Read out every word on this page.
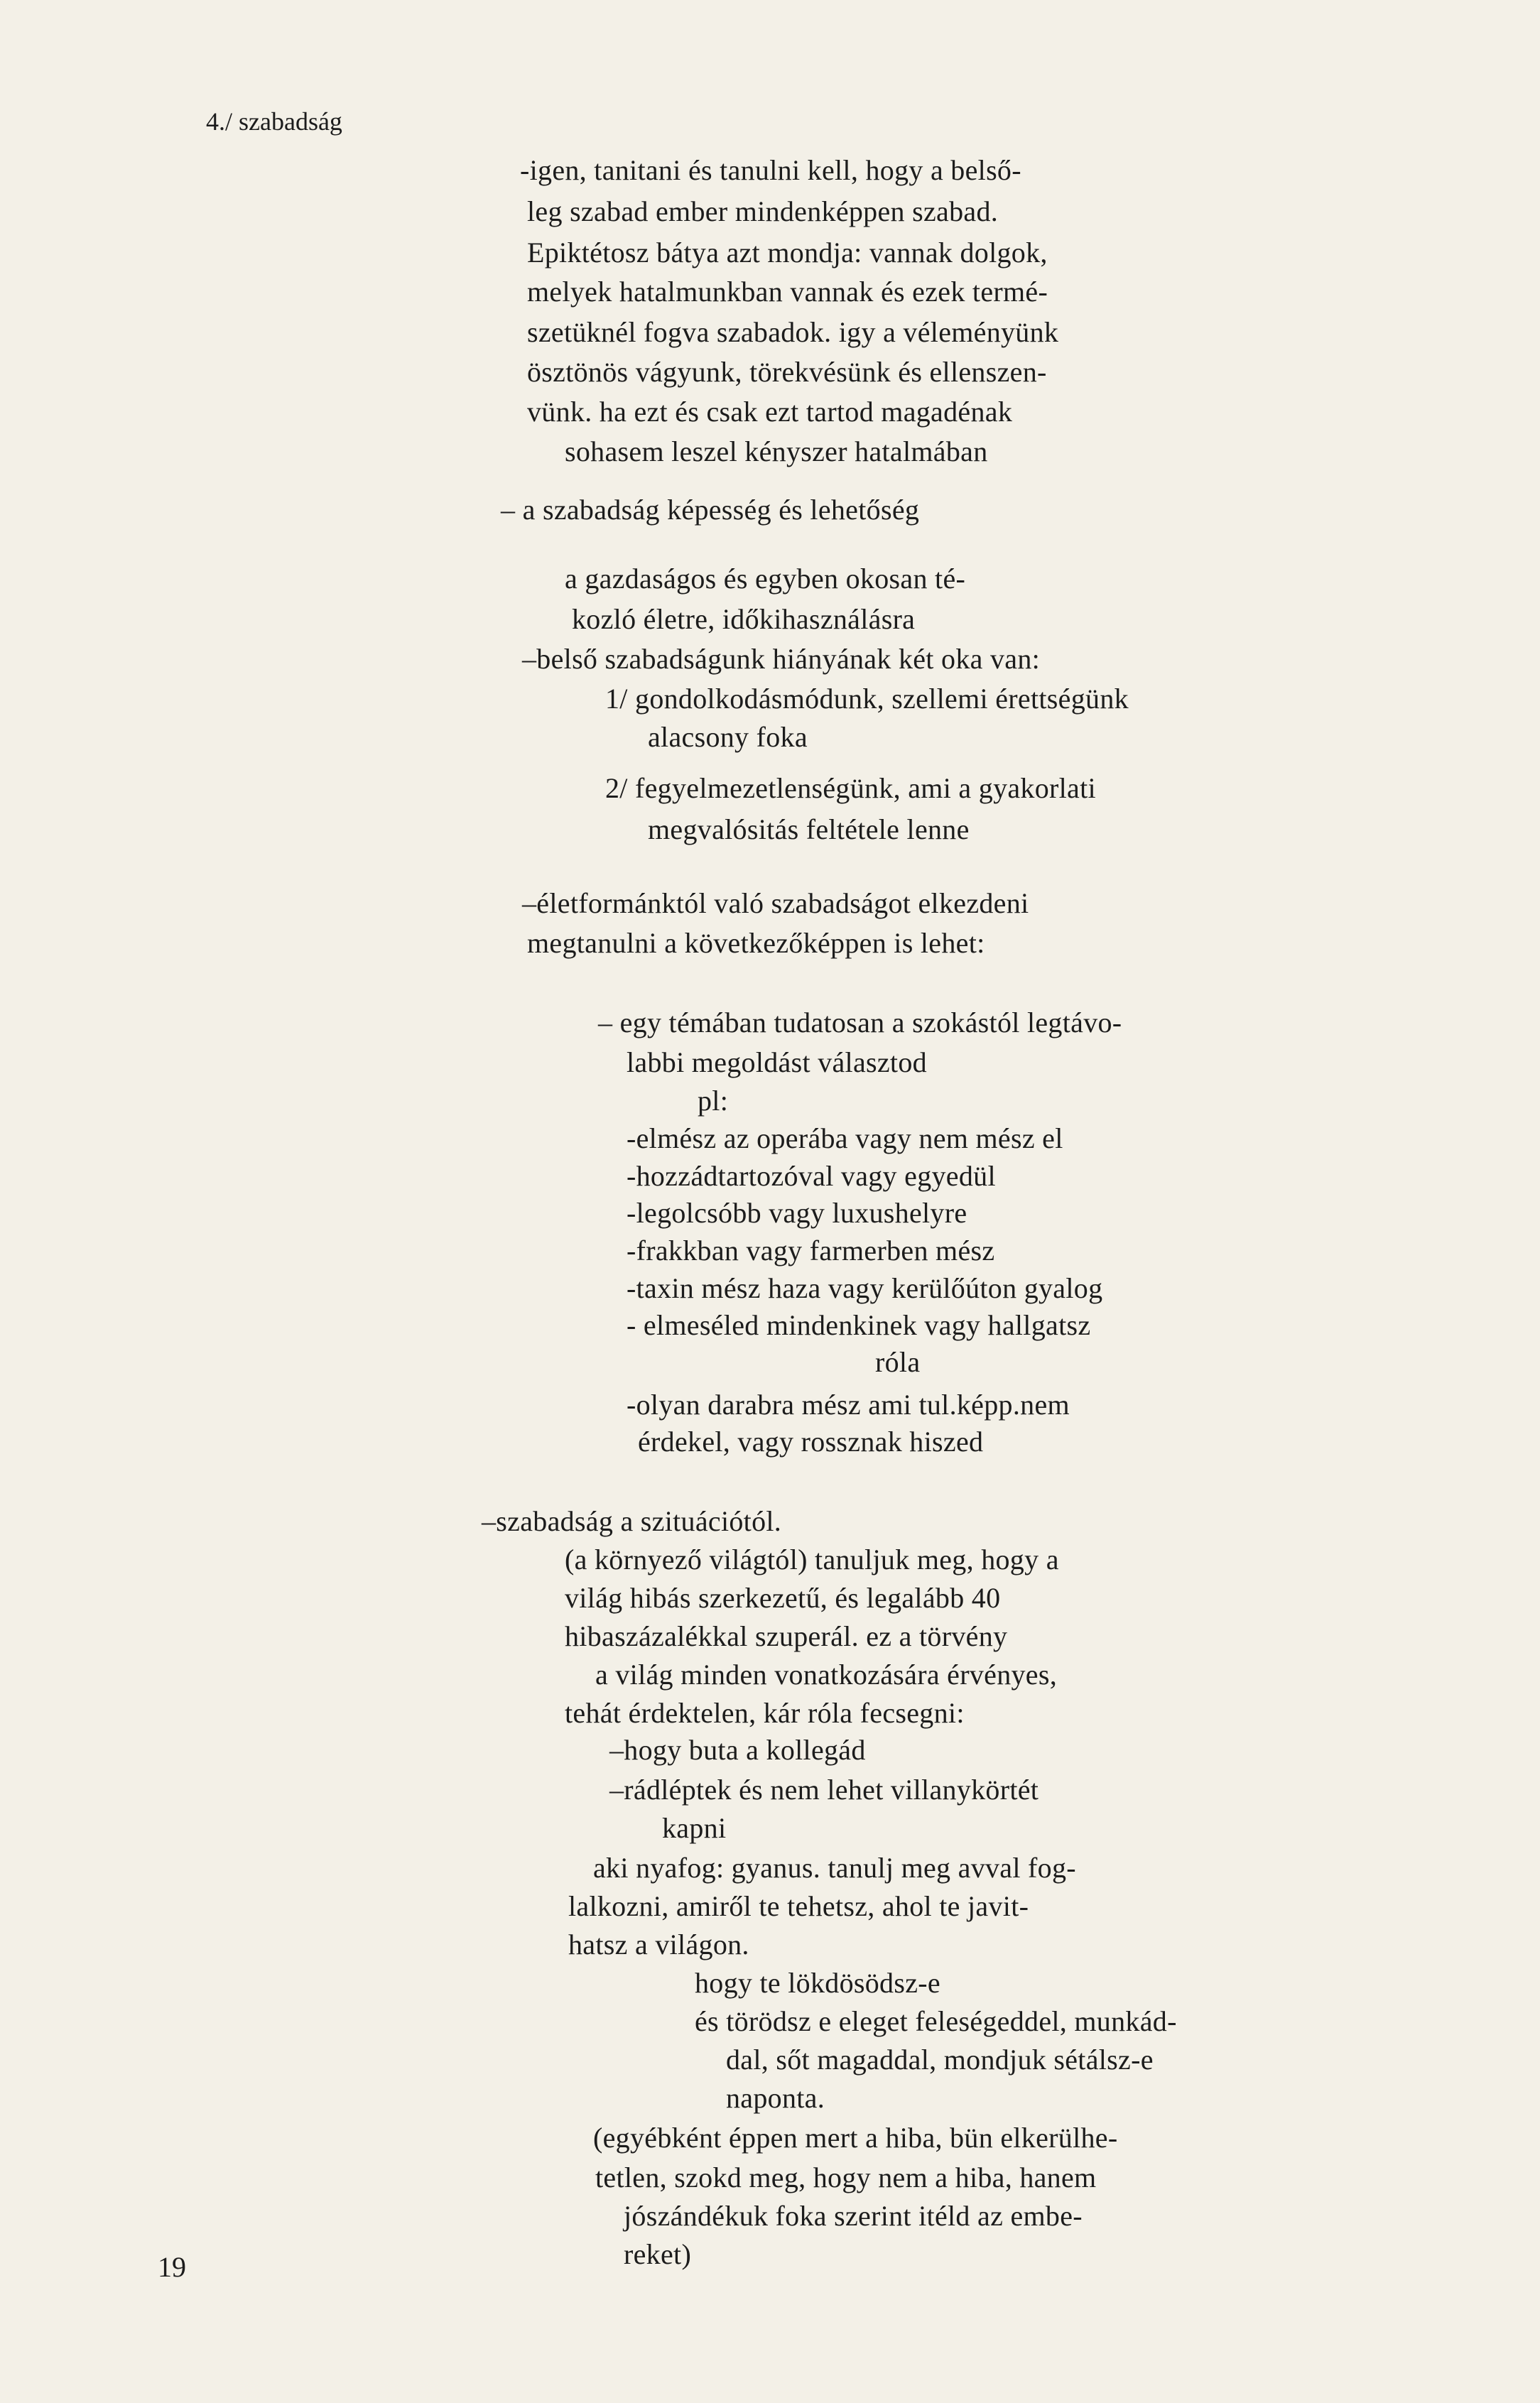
4./ szabadság
19
-igen, tanitani és tanulni kell, hogy a belső-
leg szabad ember mindenképpen szabad.
Epiktétosz bátya azt mondja: vannak dolgok,
melyek hatalmunkban vannak és ezek termé-
szetüknél fogva szabadok. igy a véleményünk
ösztönös vágyunk, törekvésünk és ellenszen-
vünk. ha ezt és csak ezt tartod magadénak
sohasem leszel kényszer hatalmában
– a szabadság képesség és lehetőség
a gazdaságos és egyben okosan té-
kozló életre, időkihasználásra
–belső szabadságunk hiányának két oka van:
1/ gondolkodásmódunk, szellemi érettségünk
alacsony foka
2/ fegyelmezetlenségünk, ami a gyakorlati
megvalósitás feltétele lenne
–életformánktól való szabadságot elkezdeni
megtanulni a következőképpen is lehet:
– egy témában tudatosan a szokástól legtávo-
labbi megoldást választod
pl:
-elmész az operába vagy nem mész el
-hozzádtartozóval vagy egyedül
-legolcsóbb vagy luxushelyre
-frakkban vagy farmerben mész
-taxin mész haza vagy kerülőúton gyalog
- elmeséled mindenkinek vagy hallgatsz
róla
-olyan darabra mész ami tul.képp.nem
érdekel, vagy rossznak hiszed
–szabadság a szituációtól.
(a környező világtól) tanuljuk meg, hogy a
világ hibás szerkezetű, és legalább 40
hibaszázalékkal szuperál. ez a törvény
a világ minden vonatkozására érvényes,
tehát érdektelen, kár róla fecsegni:
–hogy buta a kollegád
–rádléptek és nem lehet villanykörtét
kapni
aki nyafog: gyanus. tanulj meg avval fog-
lalkozni, amiről te tehetsz, ahol te javit-
hatsz a világon.
hogy te lökdösödsz-e
és törödsz e eleget feleségeddel, munkád-
dal, sőt magaddal, mondjuk sétálsz-e
naponta.
(egyébként éppen mert a hiba, bün elkerülhe-
tetlen, szokd meg, hogy nem a hiba, hanem
jószándékuk foka szerint itéld az embe-
reket)
